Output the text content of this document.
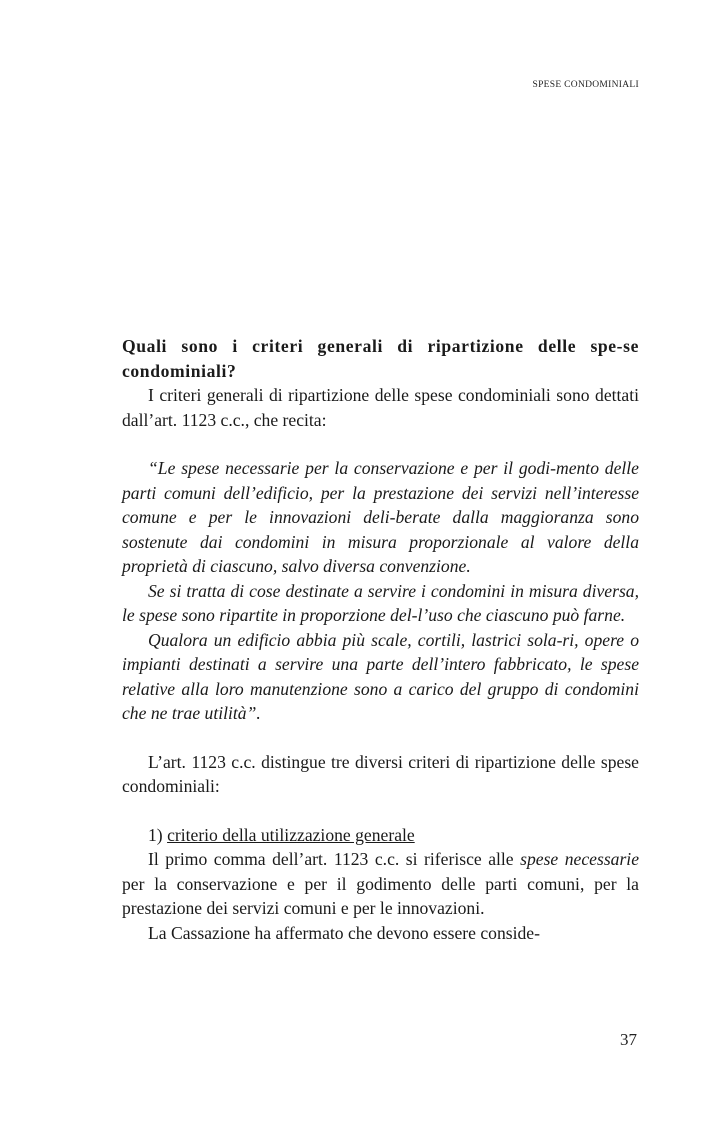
SPESE CONDOMINIALI

Quali sono i criteri generali di ripartizione delle spe-se condominiali?

I criteri generali di ripartizione delle spese condominiali sono dettati dall’art. 1123 c.c., che recita:

“Le spese necessarie per la conservazione e per il godi-mento delle parti comuni dell’edificio, per la prestazione dei servizi nell’interesse comune e per le innovazioni deli-berate dalla maggioranza sono sostenute dai condomini in misura proporzionale al valore della proprietà di ciascuno, salvo diversa convenzione.

Se si tratta di cose destinate a servire i condomini in misura diversa, le spese sono ripartite in proporzione del-l’uso che ciascuno può farne.

Qualora un edificio abbia più scale, cortili, lastrici sola-ri, opere o impianti destinati a servire una parte dell’intero fabbricato, le spese relative alla loro manutenzione sono a carico del gruppo di condomini che ne trae utilità”.

L’art. 1123 c.c. distingue tre diversi criteri di ripartizione delle spese condominiali:

1) criterio della utilizzazione generale

Il primo comma dell’art. 1123 c.c. si riferisce alle spese necessarie per la conservazione e per il godimento delle parti comuni, per la prestazione dei servizi comuni e per le innovazioni.

La Cassazione ha affermato che devono essere conside-

37
